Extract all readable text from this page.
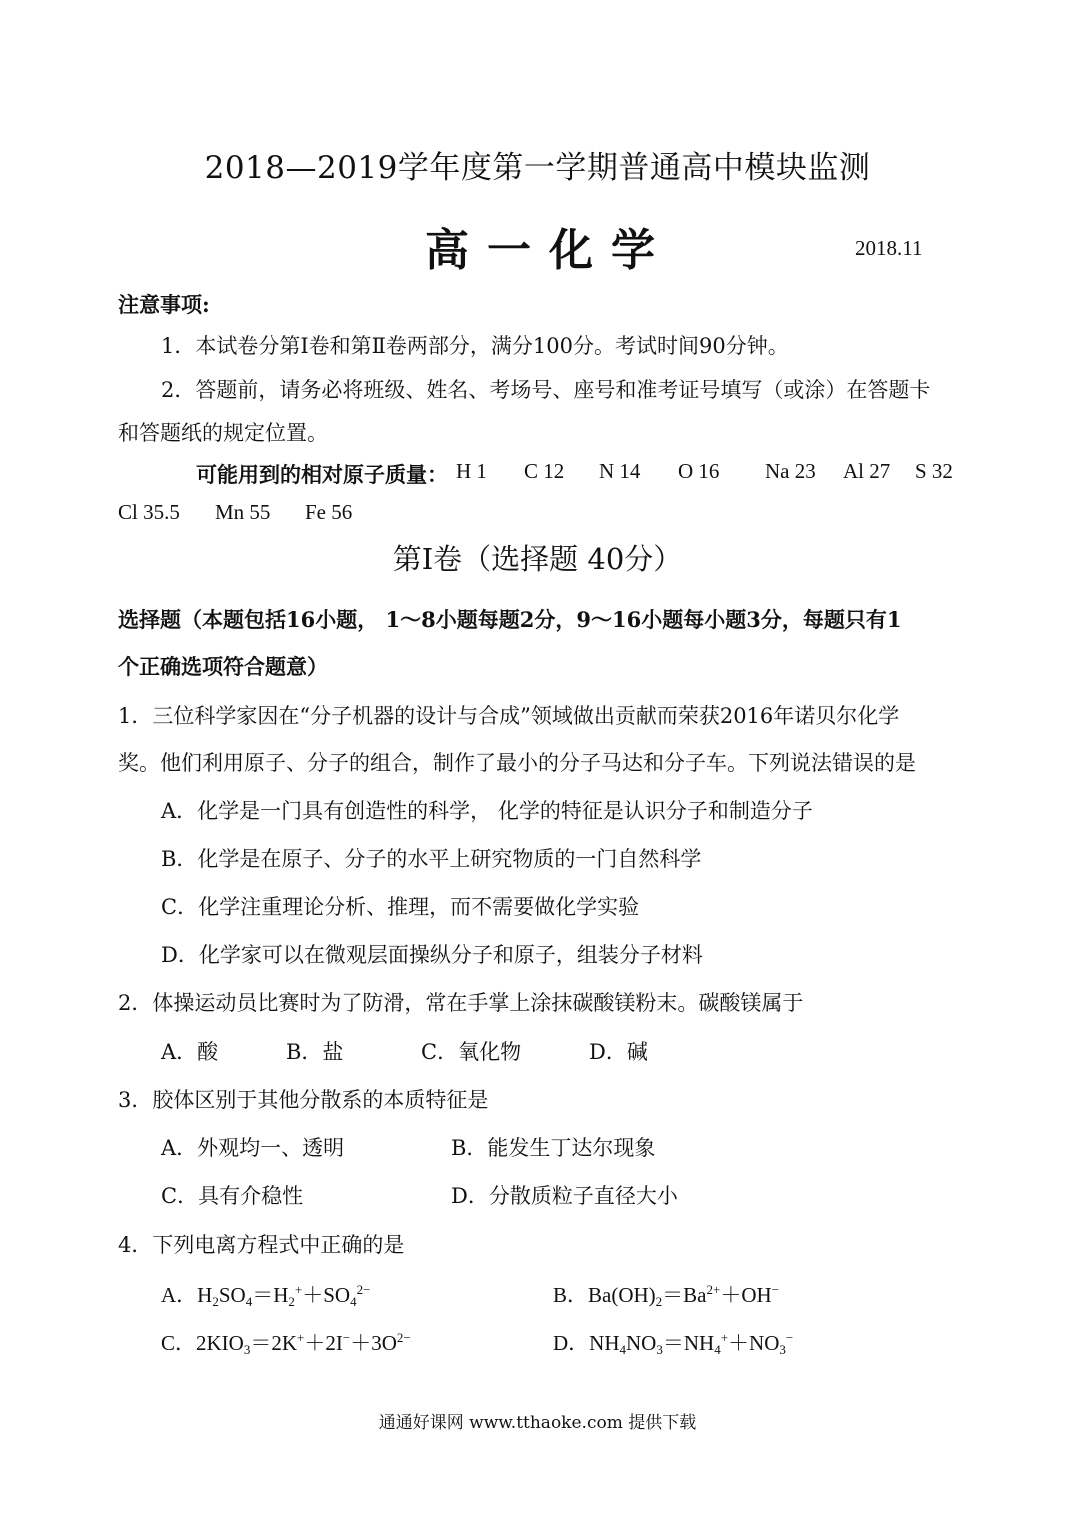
2018—2019学年度第一学期普通高中模块监测
高一化学	2018.11
注意事项:
1．本试卷分第Ⅰ卷和第Ⅱ卷两部分，满分100分。考试时间90分钟。
2．答题前，请务必将班级、姓名、考场号、座号和准考证号填写（或涂）在答题卡
和答题纸的规定位置。
可能用到的相对原子质量： H 1 C 12 N 14 O 16 Na 23 Al 27 S 32
Cl 35.5 Mn 55 Fe 56
第Ⅰ卷（选择题 40分）
选择题（本题包括16小题， 1～8小题每题2分，9～16小题每小题3分，每题只有1
个正确选项符合题意）
1．三位科学家因在“分子机器的设计与合成”领域做出贡献而荣获2016年诺贝尔化学
奖。他们利用原子、分子的组合，制作了最小的分子马达和分子车。下列说法错误的是
A．化学是一门具有创造性的科学， 化学的特征是认识分子和制造分子
B．化学是在原子、分子的水平上研究物质的一门自然科学
C．化学注重理论分析、推理，而不需要做化学实验
D．化学家可以在微观层面操纵分子和原子，组装分子材料
2．体操运动员比赛时为了防滑，常在手掌上涂抹碳酸镁粉末。碳酸镁属于
A．酸	B．盐	C．氧化物	D．碱
3．胶体区别于其他分散系的本质特征是
A．外观均一、透明	B．能发生丁达尔现象
C．具有介稳性	D．分散质粒子直径大小
4．下列电离方程式中正确的是
A．$H_2SO_4=H_2^++SO_4^{2-}$	B．$Ba(OH)_2=Ba^{2+}+OH^-$
C．$2KIO_3=2K^++2I^-+3O^{2-}$	D．$NH_4NO_3=NH_4^++NO_3^-$
通通好课网 www.tthaoke.com 提供下载
